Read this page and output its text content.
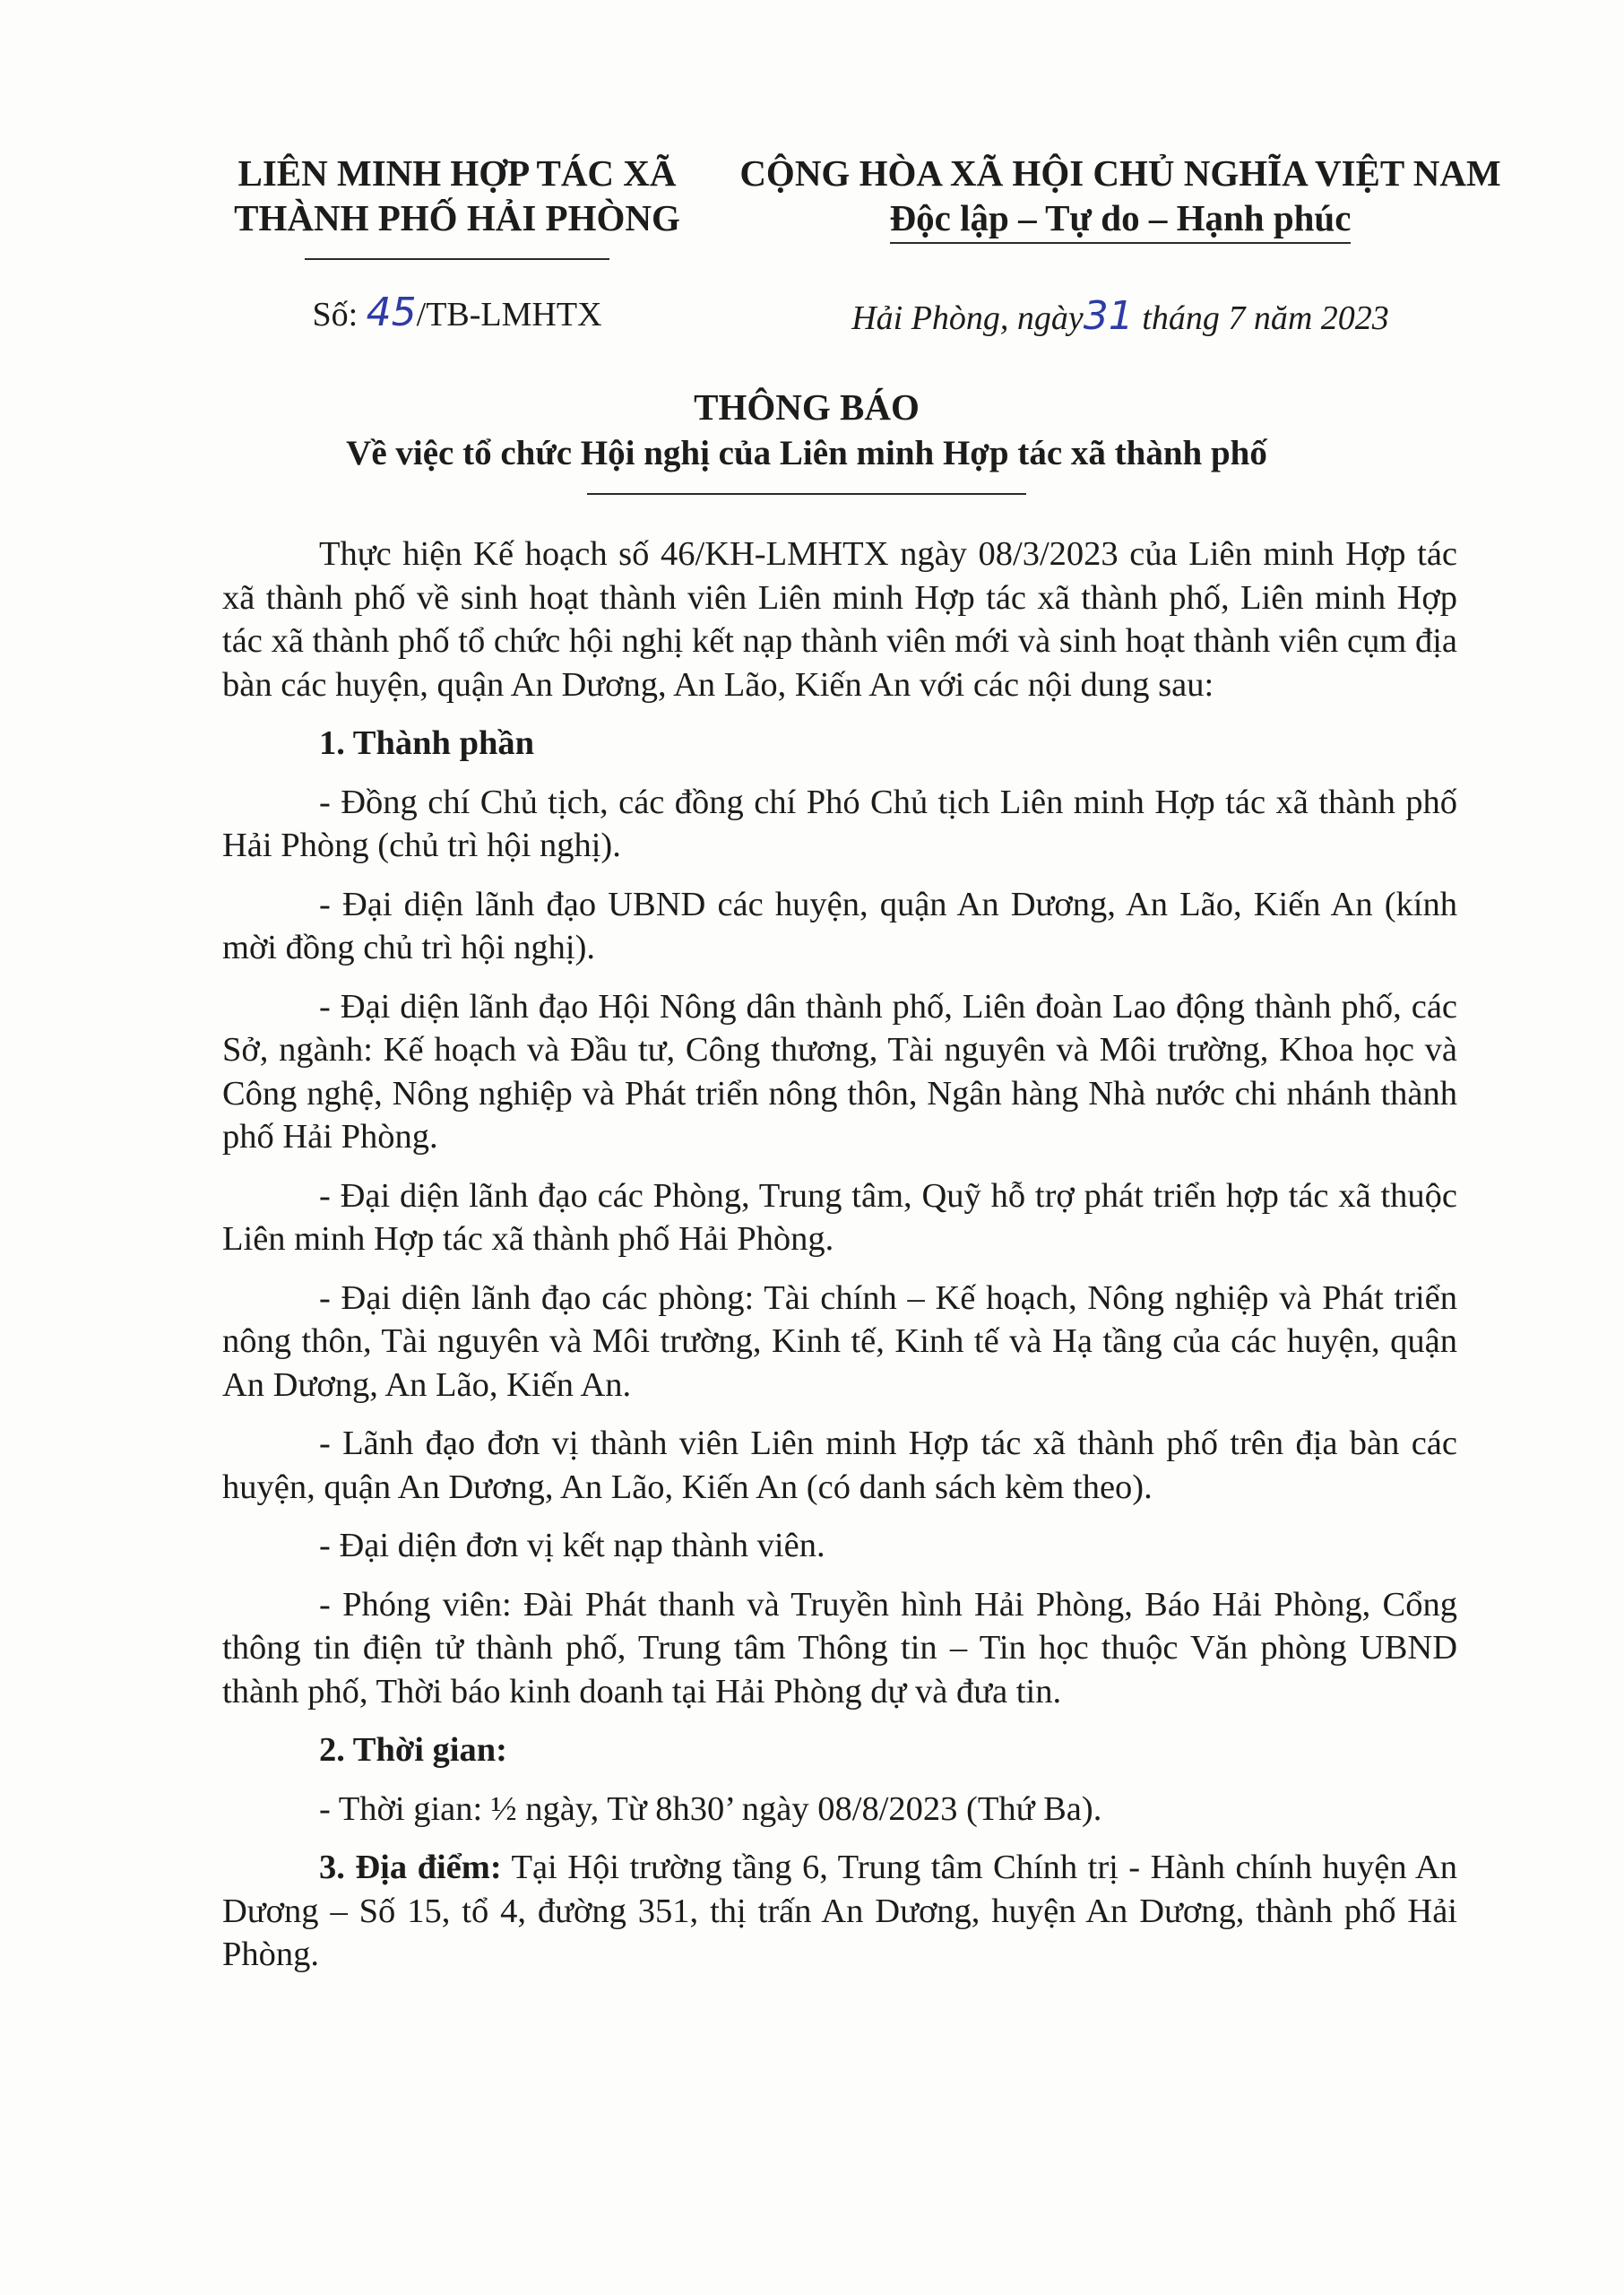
LIÊN MINH HỢP TÁC XÃ
THÀNH PHỐ HẢI PHÒNG
CỘNG HÒA XÃ HỘI CHỦ NGHĨA VIỆT NAM
Độc lập – Tự do – Hạnh phúc
Số: 45/TB-LMHTX	Hải Phòng, ngày31 tháng 7 năm 2023
THÔNG BÁO
Về việc tổ chức Hội nghị của Liên minh Hợp tác xã thành phố

Thực hiện Kế hoạch số 46/KH-LMHTX ngày 08/3/2023 của Liên minh Hợp tác xã thành phố về sinh hoạt thành viên Liên minh Hợp tác xã thành phố, Liên minh Hợp tác xã thành phố tổ chức hội nghị kết nạp thành viên mới và sinh hoạt thành viên cụm địa bàn các huyện, quận An Dương, An Lão, Kiến An với các nội dung sau:

1. Thành phần

- Đồng chí Chủ tịch, các đồng chí Phó Chủ tịch Liên minh Hợp tác xã thành phố Hải Phòng (chủ trì hội nghị).

- Đại diện lãnh đạo UBND các huyện, quận An Dương, An Lão, Kiến An (kính mời đồng chủ trì hội nghị).

- Đại diện lãnh đạo Hội Nông dân thành phố, Liên đoàn Lao động thành phố, các Sở, ngành: Kế hoạch và Đầu tư, Công thương, Tài nguyên và Môi trường, Khoa học và Công nghệ, Nông nghiệp và Phát triển nông thôn, Ngân hàng Nhà nước chi nhánh thành phố Hải Phòng.

- Đại diện lãnh đạo các Phòng, Trung tâm, Quỹ hỗ trợ phát triển hợp tác xã thuộc Liên minh Hợp tác xã thành phố Hải Phòng.

- Đại diện lãnh đạo các phòng: Tài chính – Kế hoạch, Nông nghiệp và Phát triển nông thôn, Tài nguyên và Môi trường, Kinh tế, Kinh tế và Hạ tầng của các huyện, quận An Dương, An Lão, Kiến An.

- Lãnh đạo đơn vị thành viên Liên minh Hợp tác xã thành phố trên địa bàn các huyện, quận An Dương, An Lão, Kiến An (có danh sách kèm theo).

- Đại diện đơn vị kết nạp thành viên.

- Phóng viên: Đài Phát thanh và Truyền hình Hải Phòng, Báo Hải Phòng, Cổng thông tin điện tử thành phố, Trung tâm Thông tin – Tin học thuộc Văn phòng UBND thành phố, Thời báo kinh doanh tại Hải Phòng dự và đưa tin.

2. Thời gian:

- Thời gian: ½ ngày, Từ 8h30’ ngày 08/8/2023 (Thứ Ba).

3. Địa điểm: Tại Hội trường tầng 6, Trung tâm Chính trị - Hành chính huyện An Dương – Số 15, tổ 4, đường 351, thị trấn An Dương, huyện An Dương, thành phố Hải Phòng.
